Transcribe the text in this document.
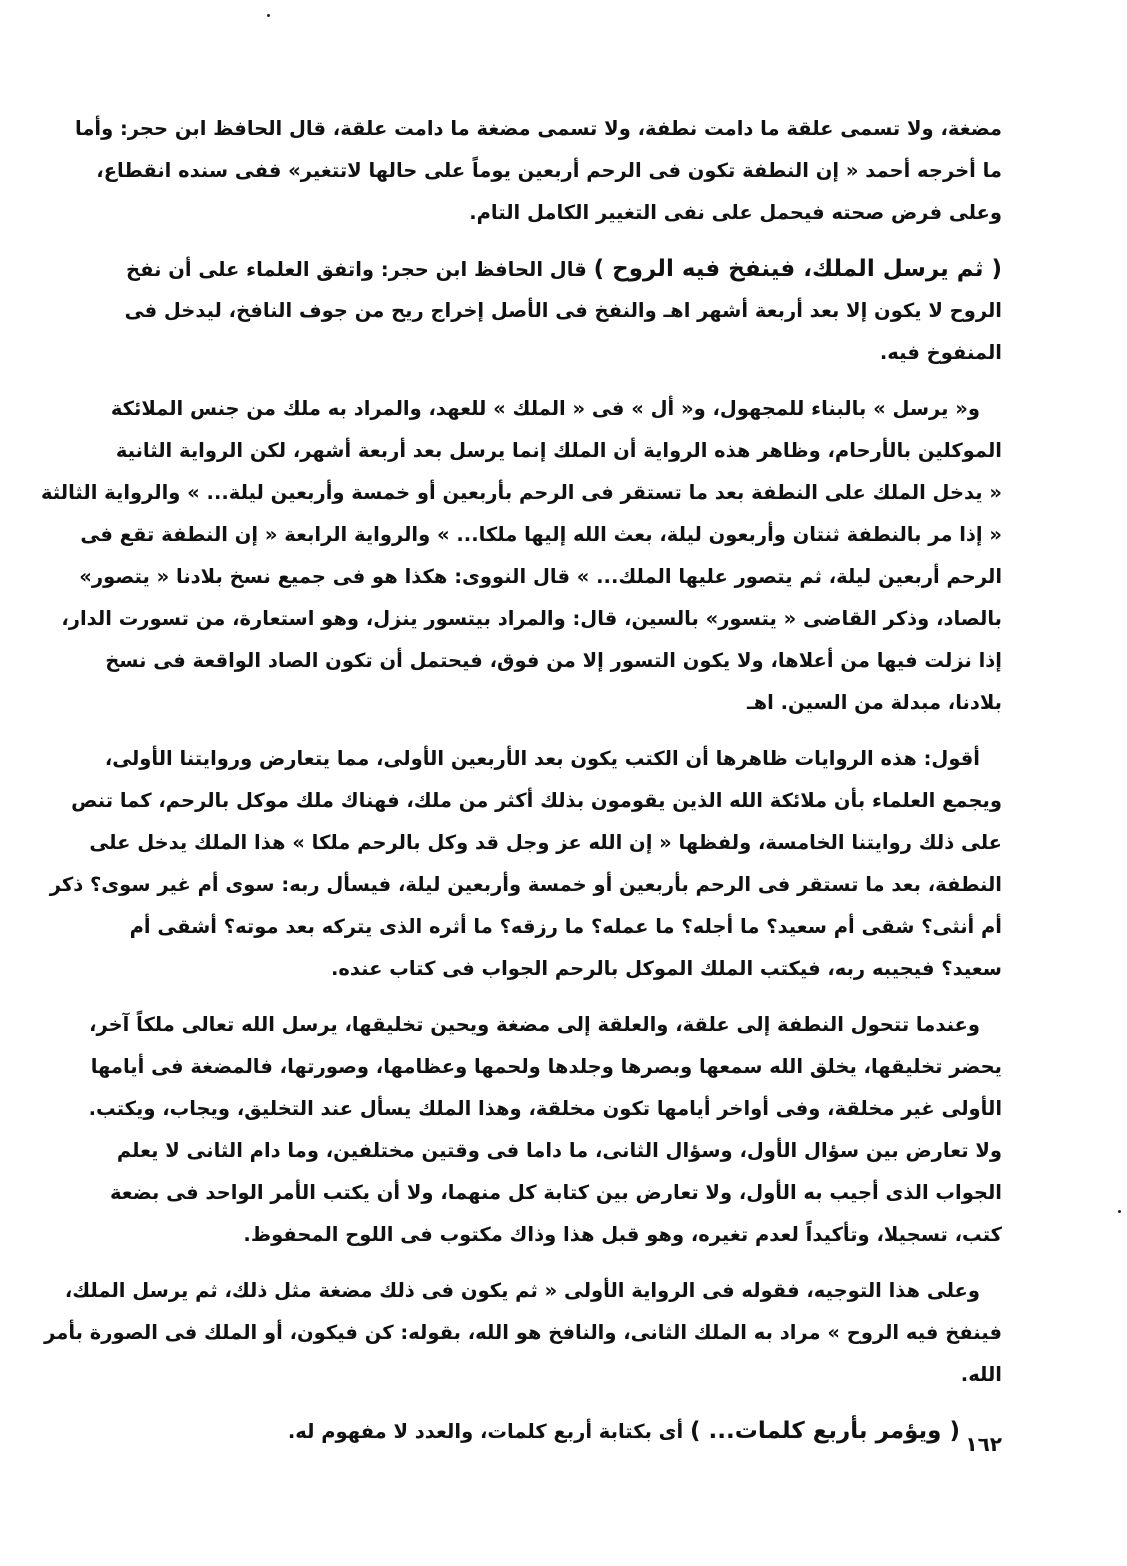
مضغة، ولا تسمى علقة ما دامت نطفة، ولا تسمى مضغة ما دامت علقة، قال الحافظ ابن حجر: وأما
ما أخرجه أحمد « إن النطفة تكون فى الرحم أربعين يوماً على حالها لاتتغير» ففى سنده انقطاع،
وعلى فرض صحته فيحمل على نفى التغيير الكامل التام.
( ثم يرسل الملك، فينفخ فيه الروح ) قال الحافظ ابن حجر: واتفق العلماء على أن نفخ
الروح لا يكون إلا بعد أربعة أشهر اهـ والنفخ فى الأصل إخراج ريح من جوف النافخ، ليدخل فى
المنفوخ فيه.
و« يرسل » بالبناء للمجهول، و« أل » فى « الملك » للعهد، والمراد به ملك من جنس الملائكة
الموكلين بالأرحام، وظاهر هذه الرواية أن الملك إنما يرسل بعد أربعة أشهر، لكن الرواية الثانية
« يدخل الملك على النطفة بعد ما تستقر فى الرحم بأربعين أو خمسة وأربعين ليلة... » والرواية الثالثة
« إذا مر بالنطفة ثنتان وأربعون ليلة، بعث الله إليها ملكا... » والرواية الرابعة « إن النطفة تقع فى
الرحم أربعين ليلة، ثم يتصور عليها الملك... » قال النووى: هكذا هو فى جميع نسخ بلادنا « يتصور»
بالصاد، وذكر القاضى « يتسور» بالسين، قال: والمراد بيتسور ينزل، وهو استعارة، من تسورت الدار،
إذا نزلت فيها من أعلاها، ولا يكون التسور إلا من فوق، فيحتمل أن تكون الصاد الواقعة فى نسخ
بلادنا، مبدلة من السين. اهـ
أقول: هذه الروايات ظاهرها أن الكتب يكون بعد الأربعين الأولى، مما يتعارض وروايتنا الأولى،
ويجمع العلماء بأن ملائكة الله الذين يقومون بذلك أكثر من ملك، فهناك ملك موكل بالرحم، كما تنص
على ذلك روايتنا الخامسة، ولفظها « إن الله عز وجل قد وكل بالرحم ملكا » هذا الملك يدخل على
النطفة، بعد ما تستقر فى الرحم بأربعين أو خمسة وأربعين ليلة، فيسأل ربه: سوى أم غير سوى؟ ذكر
أم أنثى؟ شقى أم سعيد؟ ما أجله؟ ما عمله؟ ما رزقه؟ ما أثره الذى يتركه بعد موته؟ أشقى أم
سعيد؟ فيجيبه ربه، فيكتب الملك الموكل بالرحم الجواب فى كتاب عنده.
وعندما تتحول النطفة إلى علقة، والعلقة إلى مضغة ويحين تخليقها، يرسل الله تعالى ملكاً آخر،
يحضر تخليقها، يخلق الله سمعها وبصرها وجلدها ولحمها وعظامها، وصورتها، فالمضغة فى أيامها
الأولى غير مخلقة، وفى أواخر أيامها تكون مخلقة، وهذا الملك يسأل عند التخليق، ويجاب، ويكتب.
ولا تعارض بين سؤال الأول، وسؤال الثانى، ما داما فى وقتين مختلفين، وما دام الثانى لا يعلم
الجواب الذى أجيب به الأول، ولا تعارض بين كتابة كل منهما، ولا أن يكتب الأمر الواحد فى بضعة
كتب، تسجيلا، وتأكيداً لعدم تغيره، وهو قبل هذا وذاك مكتوب فى اللوح المحفوظ.
وعلى هذا التوجيه، فقوله فى الرواية الأولى « ثم يكون فى ذلك مضغة مثل ذلك، ثم يرسل الملك،
فينفخ فيه الروح » مراد به الملك الثانى، والنافخ هو الله، بقوله: كن فيكون، أو الملك فى الصورة بأمر
الله.
( ويؤمر بأربع كلمات... ) أى بكتابة أربع كلمات، والعدد لا مفهوم له.
١٦٢
